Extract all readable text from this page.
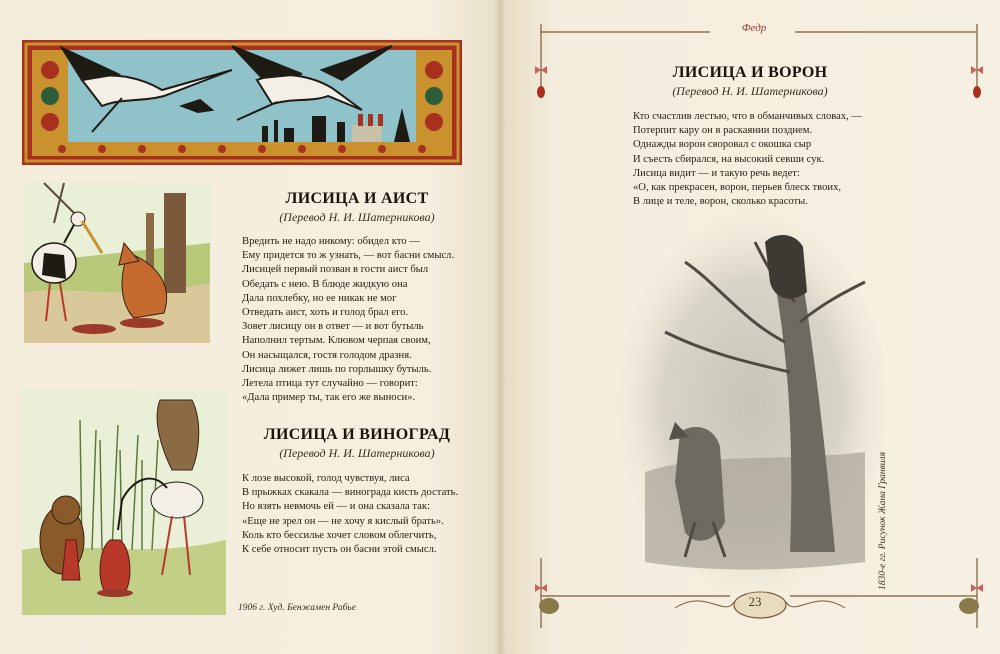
ЛИСИЦА И АИСТ
(Перевод Н. И. Шатерникова)
Вредить не надо никому: обидел кто —
Ему придется то ж узнать, — вот басни смысл.
Лисицей первый позван в гости аист был
Обедать с нею. В блюде жидкую она
Дала похлебку, но ее никак не мог
Отведать аист, хоть и голод брал его.
Зовет лисицу он в ответ — и вот бутыль
Наполнил тертым. Клювом черпая своим,
Он насыщался, гостя голодом дразня.
Лисица лижет лишь по горлышку бутыль.
Летела птица тут случайно — говорит:
«Дала пример ты, так его же выноси».
ЛИСИЦА И ВИНОГРАД
(Перевод Н. И. Шатерникова)
К лозе высокой, голод чувствуя, лиса
В прыжках скакала — винограда кисть достать.
Но взять невмочь ей — и она сказала так:
«Еще не зрел он — не хочу я кислый брать».
Коль кто бессилье хочет словом облегчить,
К себе относит пусть он басни этой смысл.
1906 г. Худ. Бенжамен Рабье
Федр
ЛИСИЦА И ВОРОН
(Перевод Н. И. Шатерникова)
Кто счастлив лестью, что в обманчивых словах, —
Потерпит кару он в раскаянии позднем.
Однажды ворон своровал с окошка сыр
И съесть сбирался, на высокий севши сук.
Лисица видит — и такую речь ведет:
«О, как прекрасен, ворон, перьев блеск твоих,
В лице и теле, ворон, сколько красоты.
23
